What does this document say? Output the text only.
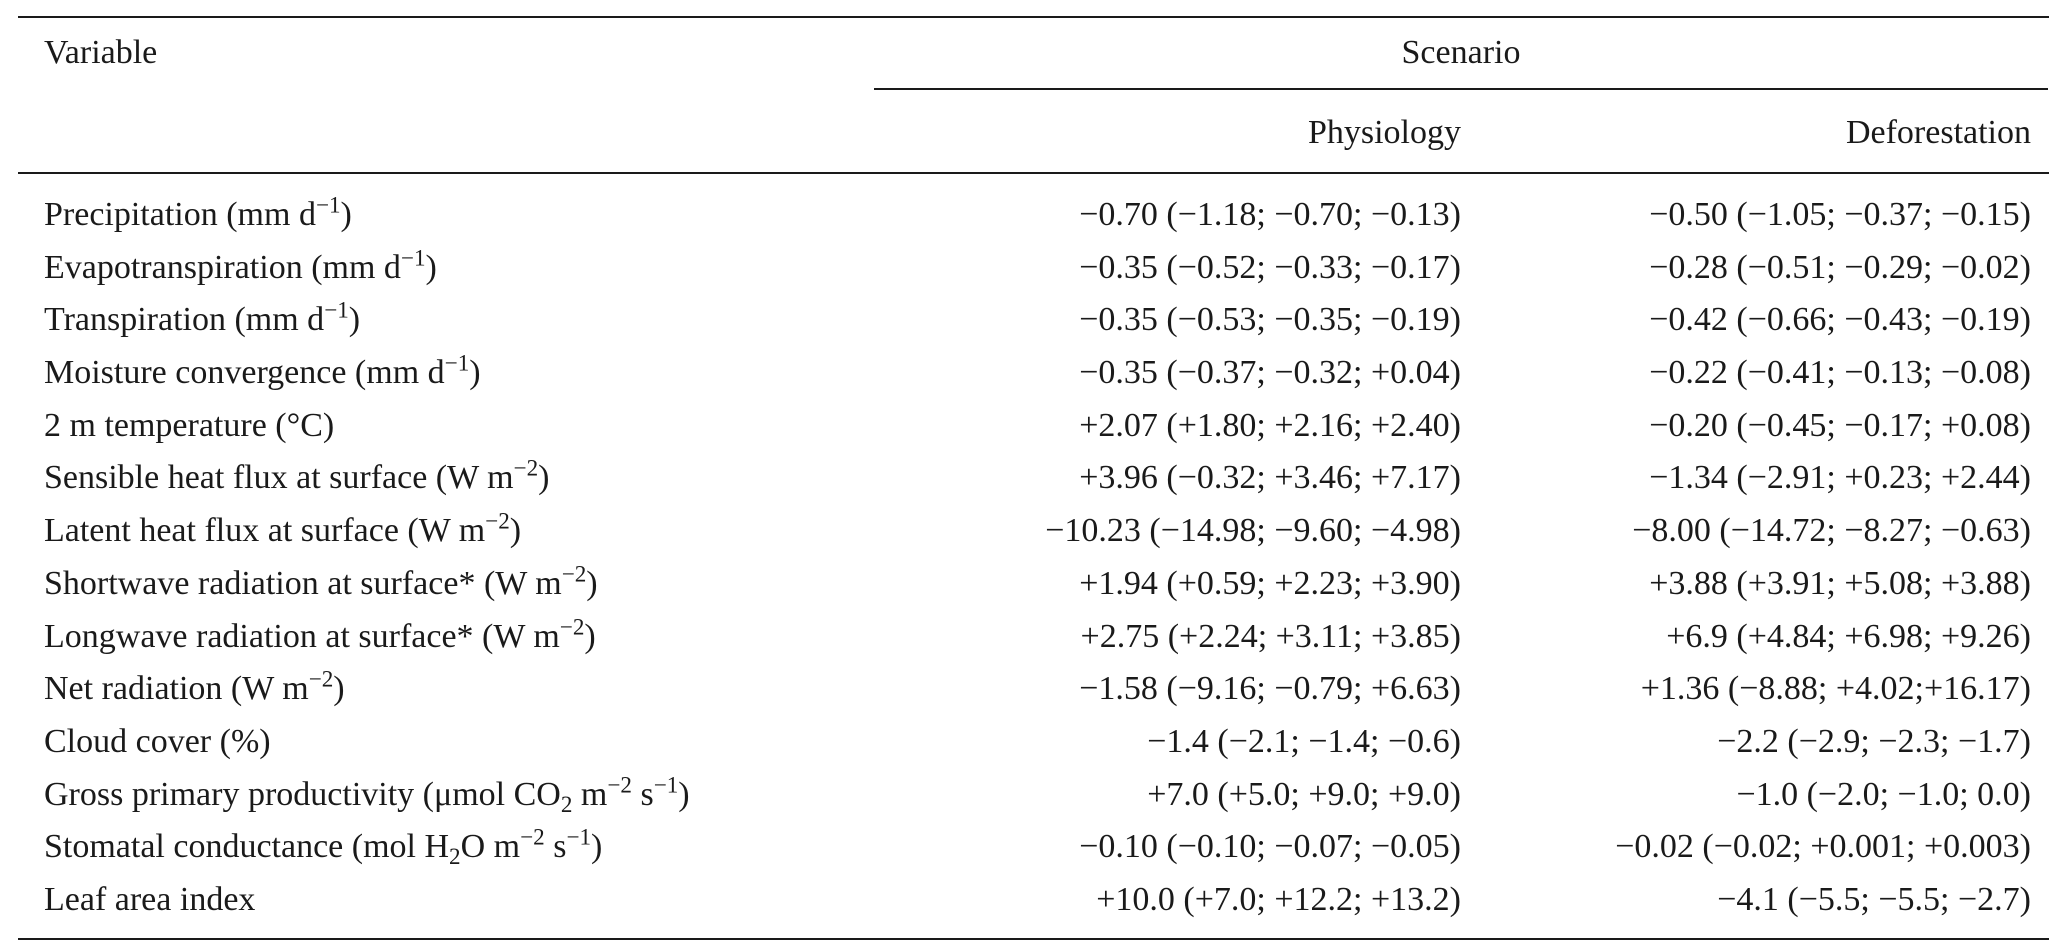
Variable	Scenario
Physiology	Deforestation
Precipitation (mm $d^{-1}$)	−0.70 (−1.18; −0.70; −0.13)	−0.50 (−1.05; −0.37; −0.15)
Evapotranspiration (mm $d^{-1}$)	−0.35 (−0.52; −0.33; −0.17)	−0.28 (−0.51; −0.29; −0.02)
Transpiration (mm $d^{-1}$)	−0.35 (−0.53; −0.35; −0.19)	−0.42 (−0.66; −0.43; −0.19)
Moisture convergence (mm $d^{-1}$)	−0.35 (−0.37; −0.32; +0.04)	−0.22 (−0.41; −0.13; −0.08)
2 m temperature (°C)	+2.07 (+1.80; +2.16; +2.40)	−0.20 (−0.45; −0.17; +0.08)
Sensible heat flux at surface (W $m^{-2}$)	+3.96 (−0.32; +3.46; +7.17)	−1.34 (−2.91; +0.23; +2.44)
Latent heat flux at surface (W $m^{-2}$)	−10.23 (−14.98; −9.60; −4.98)	−8.00 (−14.72; −8.27; −0.63)
Shortwave radiation at surface* (W $m^{-2}$)	+1.94 (+0.59; +2.23; +3.90)	+3.88 (+3.91; +5.08; +3.88)
Longwave radiation at surface* (W $m^{-2}$)	+2.75 (+2.24; +3.11; +3.85)	+6.9 (+4.84; +6.98; +9.26)
Net radiation (W $m^{-2}$)	−1.58 (−9.16; −0.79; +6.63)	+1.36 (−8.88; +4.02;+16.17)
Cloud cover (%)	−1.4 (−2.1; −1.4; −0.6)	−2.2 (−2.9; −2.3; −1.7)
Gross primary productivity (μmol $CO_2$ $m^{-2}$ $s^{-1}$)	+7.0 (+5.0; +9.0; +9.0)	−1.0 (−2.0; −1.0; 0.0)
Stomatal conductance (mol $H_2O$ $m^{-2}$ $s^{-1}$)	−0.10 (−0.10; −0.07; −0.05)	−0.02 (−0.02; +0.001; +0.003)
Leaf area index	+10.0 (+7.0; +12.2; +13.2)	−4.1 (−5.5; −5.5; −2.7)
